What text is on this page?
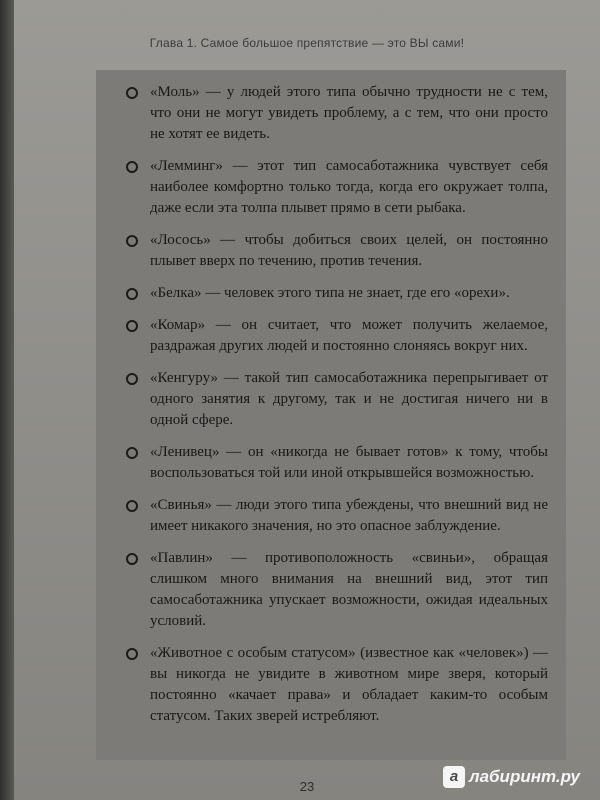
Глава 1. Самое большое препятствие — это ВЫ сами!
«Моль» — у людей этого типа обычно трудности не с тем, что они не могут увидеть проблему, а с тем, что они просто не хотят ее видеть.
«Лемминг» — этот тип самосаботажника чувствует себя наиболее комфортно только тогда, когда его окружает толпа, даже если эта толпа плывет прямо в сети рыбака.
«Лосось» — чтобы добиться своих целей, он постоянно плывет вверх по течению, против течения.
«Белка» — человек этого типа не знает, где его «орехи».
«Комар» — он считает, что может получить желаемое, раздражая других людей и постоянно слоняясь вокруг них.
«Кенгуру» — такой тип самосаботажника перепрыгивает от одного занятия к другому, так и не достигая ничего ни в одной сфере.
«Ленивец» — он «никогда не бывает готов» к тому, чтобы воспользоваться той или иной открывшейся возможностью.
«Свинья» — люди этого типа убеждены, что внешний вид не имеет никакого значения, но это опасное заблуждение.
«Павлин» — противоположность «свиньи», обращая слишком много внимания на внешний вид, этот тип самосаботажника упускает возможности, ожидая идеальных условий.
«Животное с особым статусом» (известное как «человек») — вы никогда не увидите в животном мире зверя, который постоянно «качает права» и обладает каким-то особым статусом. Таких зверей истребляют.
23
а лабиринт.ру
